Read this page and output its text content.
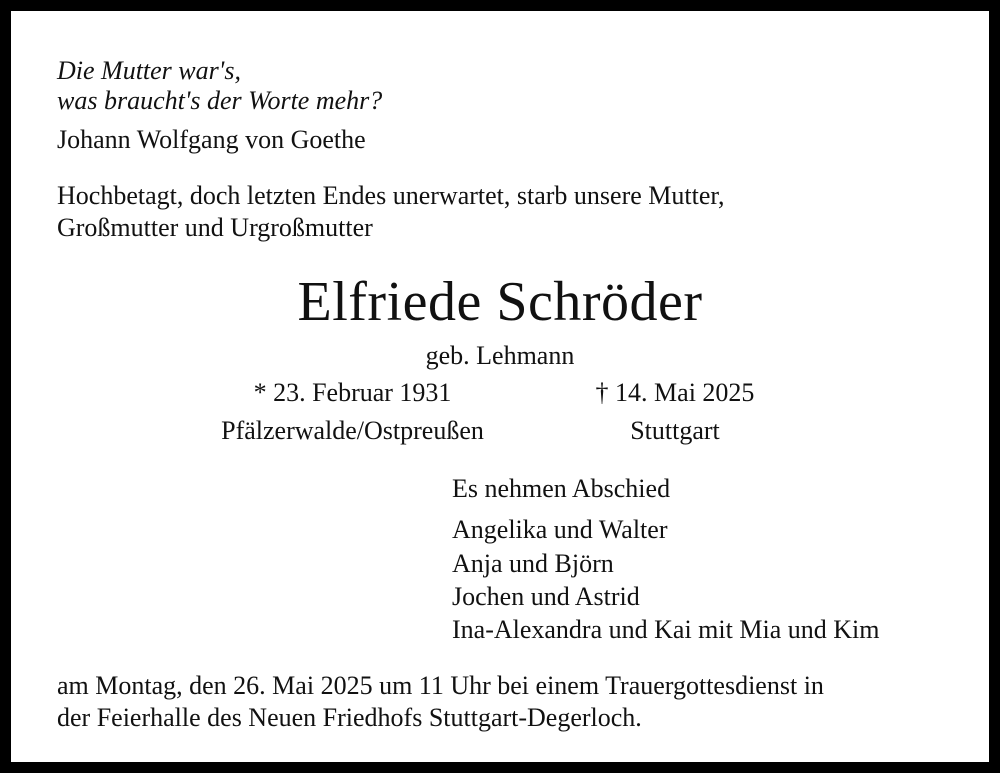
Die Mutter war's,
was braucht's der Worte mehr?
Johann Wolfgang von Goethe
Hochbetagt, doch letzten Endes unerwartet, starb unsere Mutter,
Großmutter und Urgroßmutter
Elfriede Schröder
geb. Lehmann
* 23. Februar 1931
Pfälzerwalde/Ostpreußen
† 14. Mai 2025
Stuttgart
Es nehmen Abschied
Angelika und Walter
Anja und Björn
Jochen und Astrid
Ina-Alexandra und Kai mit Mia und Kim
am Montag, den 26. Mai 2025 um 11 Uhr bei einem Trauergottesdienst in
der Feierhalle des Neuen Friedhofs Stuttgart-Degerloch.
